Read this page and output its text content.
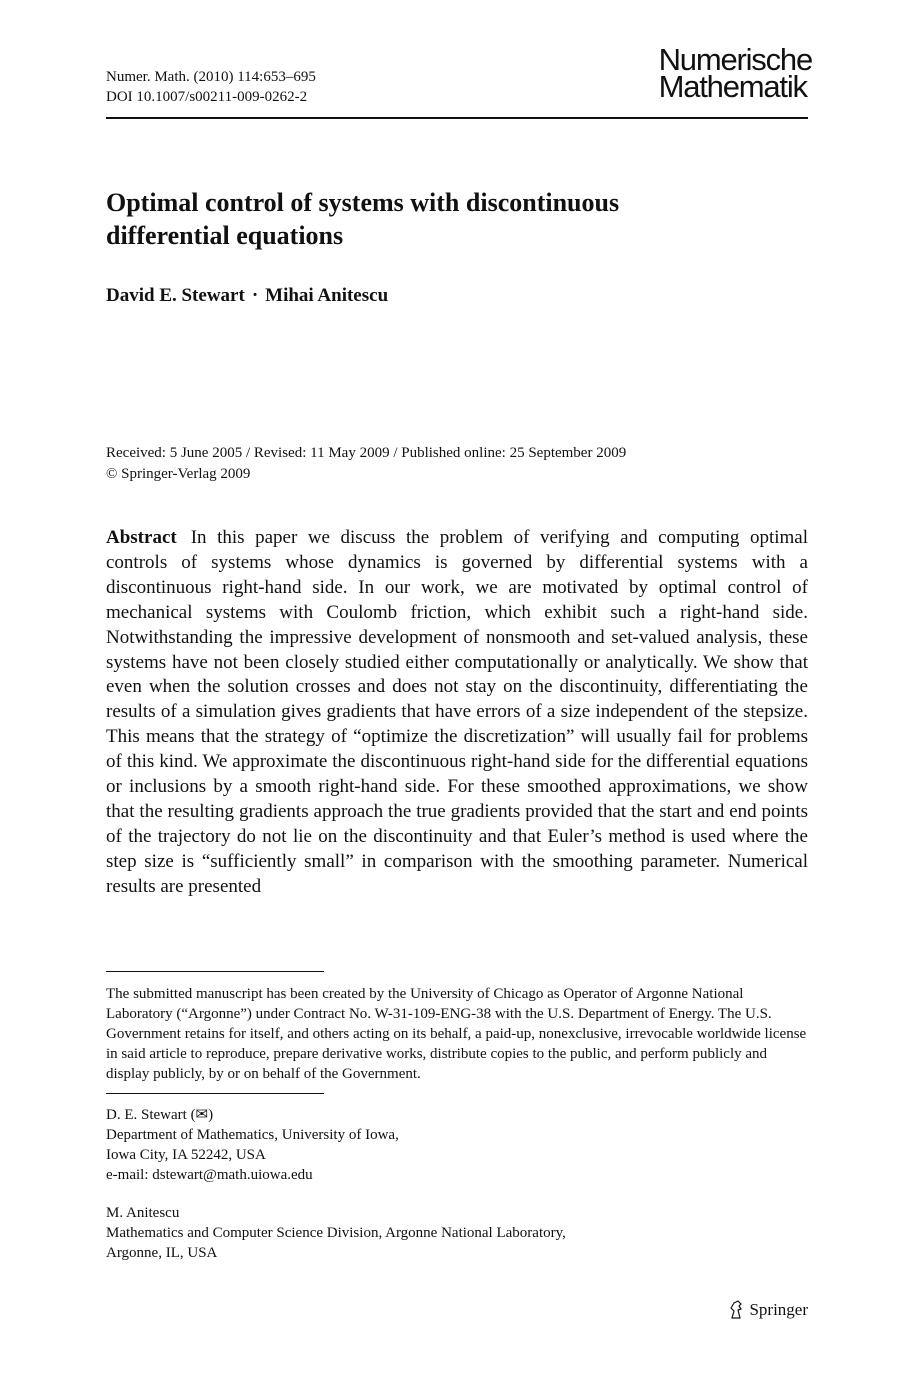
Numer. Math. (2010) 114:653–695
DOI 10.1007/s00211-009-0262-2
Numerische
Mathematik
Optimal control of systems with discontinuous differential equations
David E. Stewart · Mihai Anitescu
Received: 5 June 2005 / Revised: 11 May 2009 / Published online: 25 September 2009
© Springer-Verlag 2009

Abstract In this paper we discuss the problem of verifying and computing optimal controls of systems whose dynamics is governed by differential systems with a discontinuous right-hand side. In our work, we are motivated by optimal control of mechanical systems with Coulomb friction, which exhibit such a right-hand side. Notwithstanding the impressive development of nonsmooth and set-valued analysis, these systems have not been closely studied either computationally or analytically. We show that even when the solution crosses and does not stay on the discontinuity, differentiating the results of a simulation gives gradients that have errors of a size independent of the stepsize. This means that the strategy of “optimize the discretization” will usually fail for problems of this kind. We approximate the discontinuous right-hand side for the differential equations or inclusions by a smooth right-hand side. For these smoothed approximations, we show that the resulting gradients approach the true gradients provided that the start and end points of the trajectory do not lie on the discontinuity and that Euler’s method is used where the step size is “sufficiently small” in comparison with the smoothing parameter. Numerical results are presented

The submitted manuscript has been created by the University of Chicago as Operator of Argonne National Laboratory (“Argonne”) under Contract No. W-31-109-ENG-38 with the U.S. Department of Energy. The U.S. Government retains for itself, and others acting on its behalf, a paid-up, nonexclusive, irrevocable worldwide license in said article to reproduce, prepare derivative works, distribute copies to the public, and perform publicly and display publicly, by or on behalf of the Government.

D. E. Stewart (✉)
Department of Mathematics, University of Iowa,
Iowa City, IA 52242, USA
e-mail: dstewart@math.uiowa.edu
M. Anitescu
Mathematics and Computer Science Division, Argonne National Laboratory,
Argonne, IL, USA
Springer
